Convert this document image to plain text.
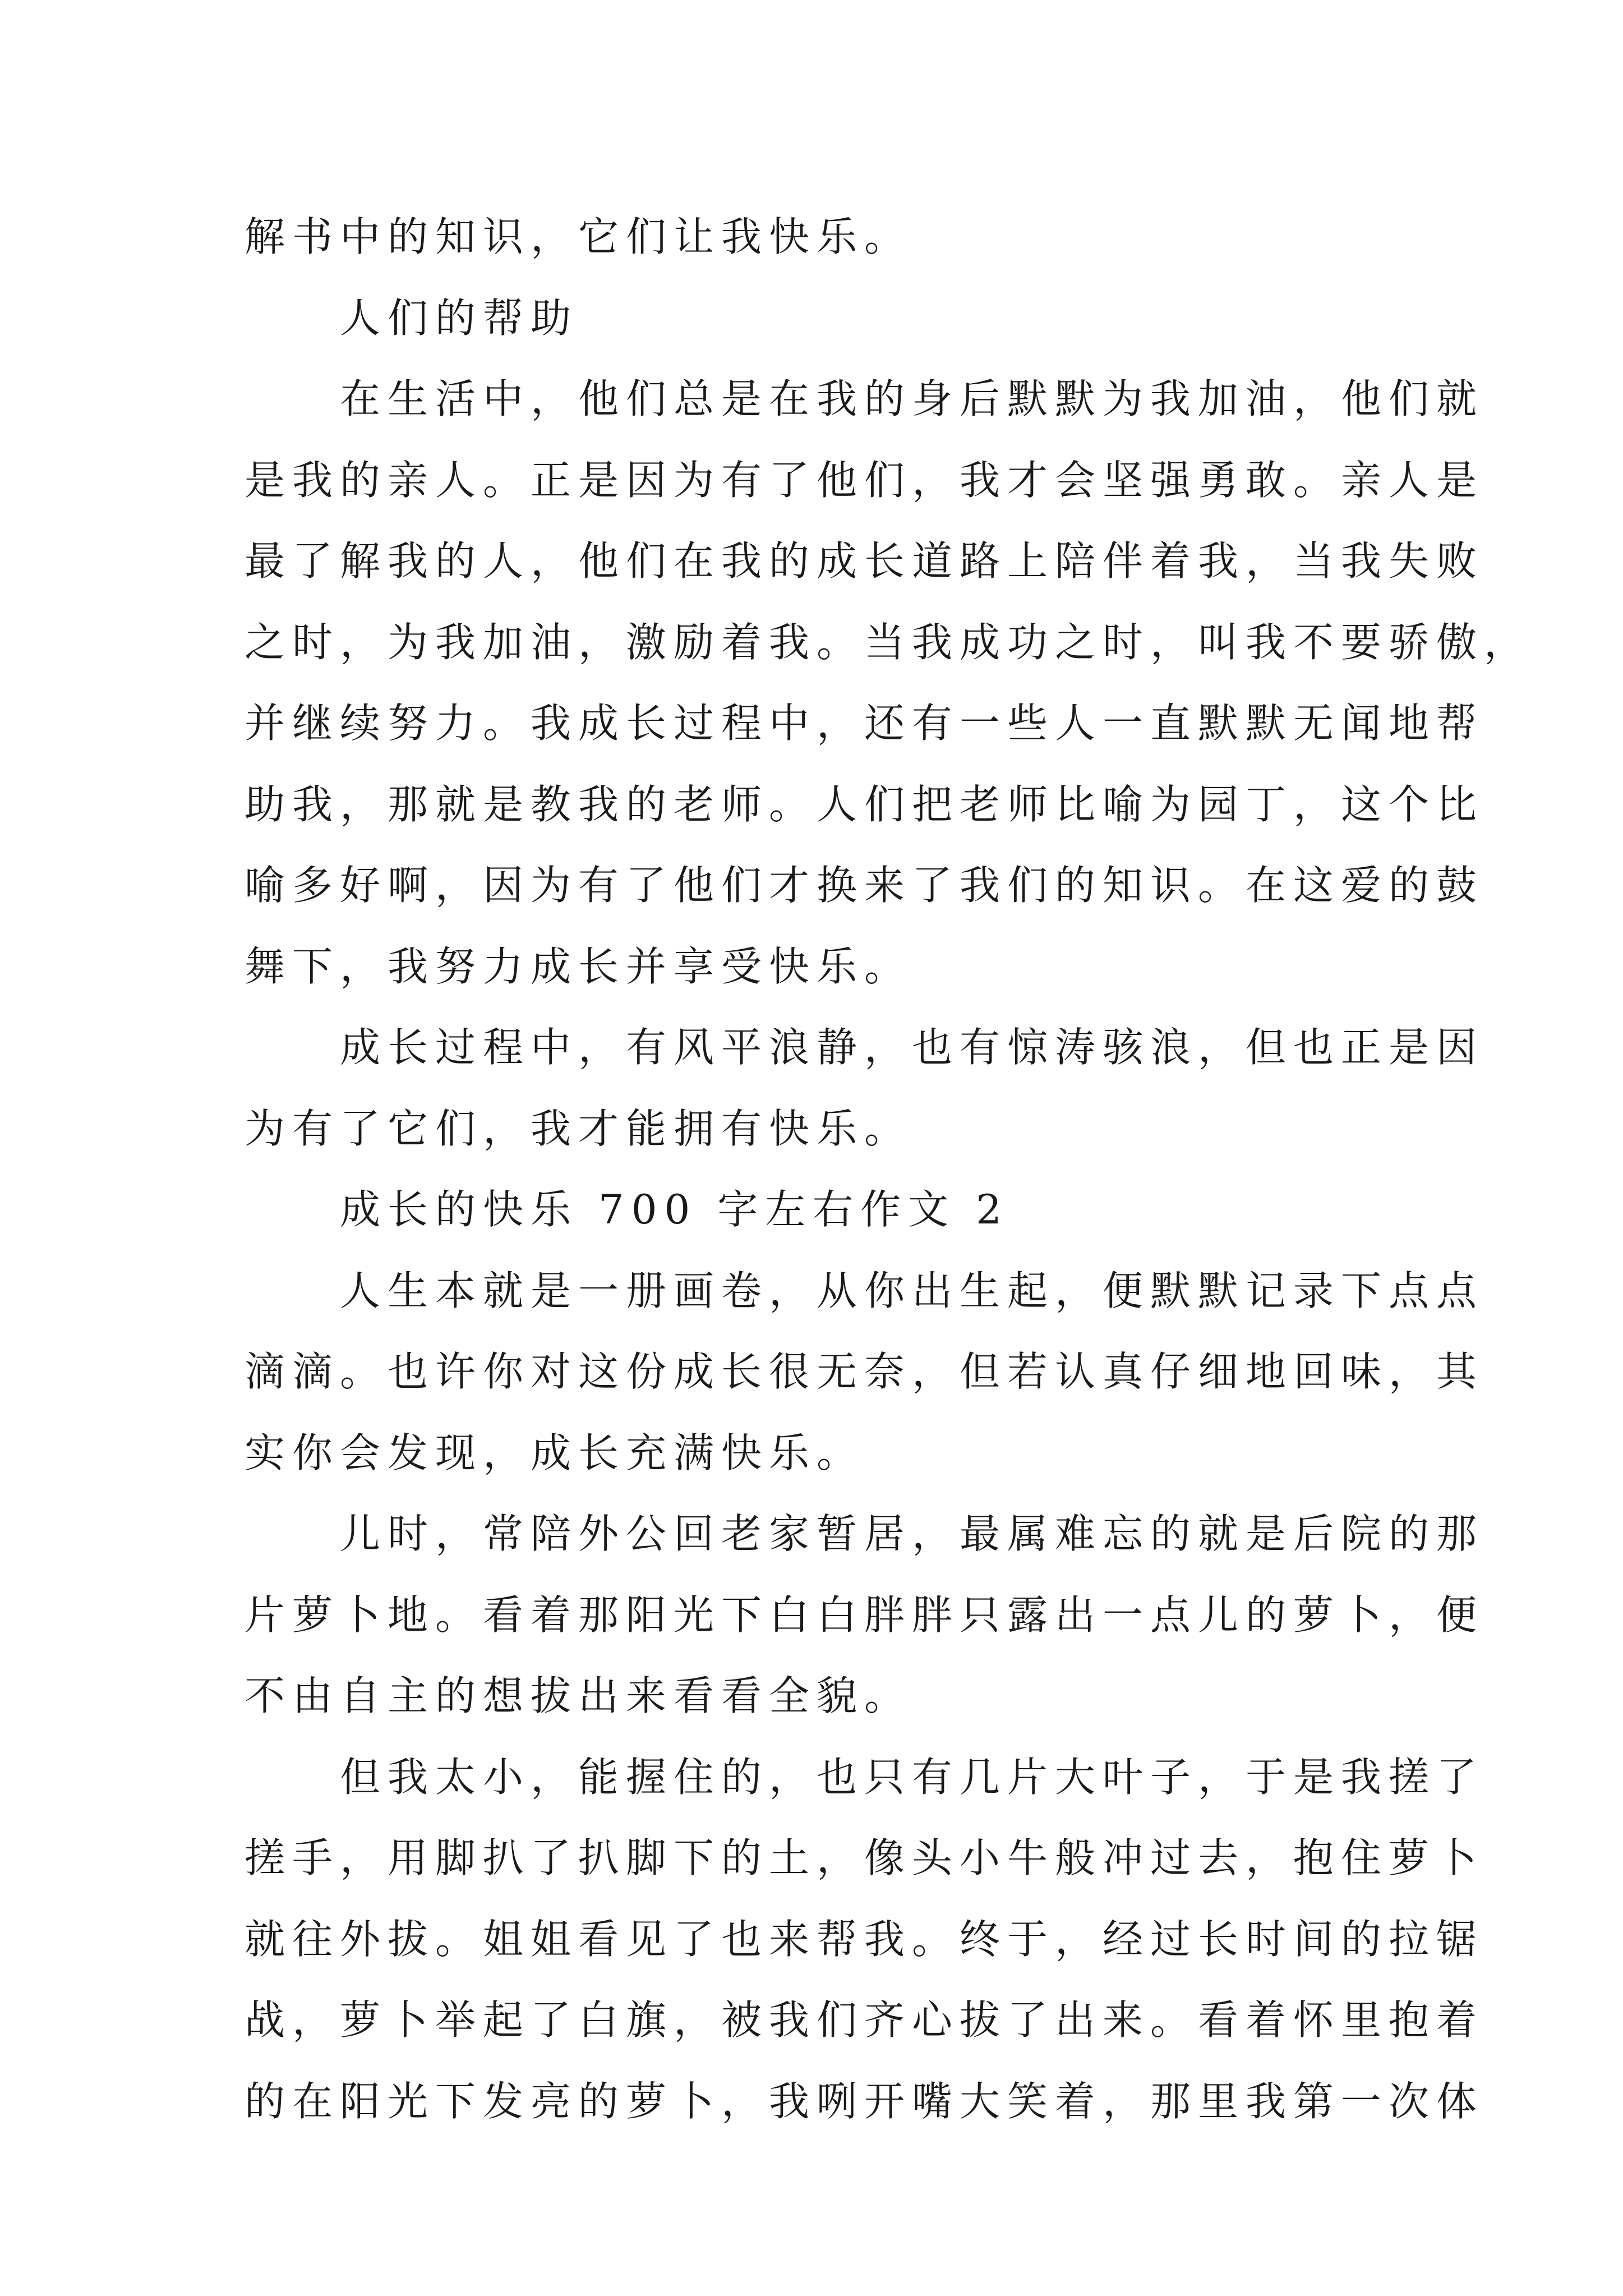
解书中的知识，它们让我快乐。
人们的帮助
在生活中，他们总是在我的身后默默为我加油，他们就
是我的亲人。正是因为有了他们，我才会坚强勇敢。亲人是
最了解我的人，他们在我的成长道路上陪伴着我，当我失败
之时，为我加油，激励着我。当我成功之时，叫我不要骄傲，
并继续努力。我成长过程中，还有一些人一直默默无闻地帮
助我，那就是教我的老师。人们把老师比喻为园丁，这个比
喻多好啊，因为有了他们才换来了我们的知识。在这爱的鼓
舞下，我努力成长并享受快乐。
成长过程中，有风平浪静，也有惊涛骇浪，但也正是因
为有了它们，我才能拥有快乐。
成长的快乐 700 字左右作文 2
人生本就是一册画卷，从你出生起，便默默记录下点点
滴滴。也许你对这份成长很无奈，但若认真仔细地回味，其
实你会发现，成长充满快乐。
儿时，常陪外公回老家暂居，最属难忘的就是后院的那
片萝卜地。看着那阳光下白白胖胖只露出一点儿的萝卜，便
不由自主的想拔出来看看全貌。
但我太小，能握住的，也只有几片大叶子，于是我搓了
搓手，用脚扒了扒脚下的土，像头小牛般冲过去，抱住萝卜
就往外拔。姐姐看见了也来帮我。终于，经过长时间的拉锯
战，萝卜举起了白旗，被我们齐心拔了出来。看着怀里抱着
的在阳光下发亮的萝卜，我咧开嘴大笑着，那里我第一次体
